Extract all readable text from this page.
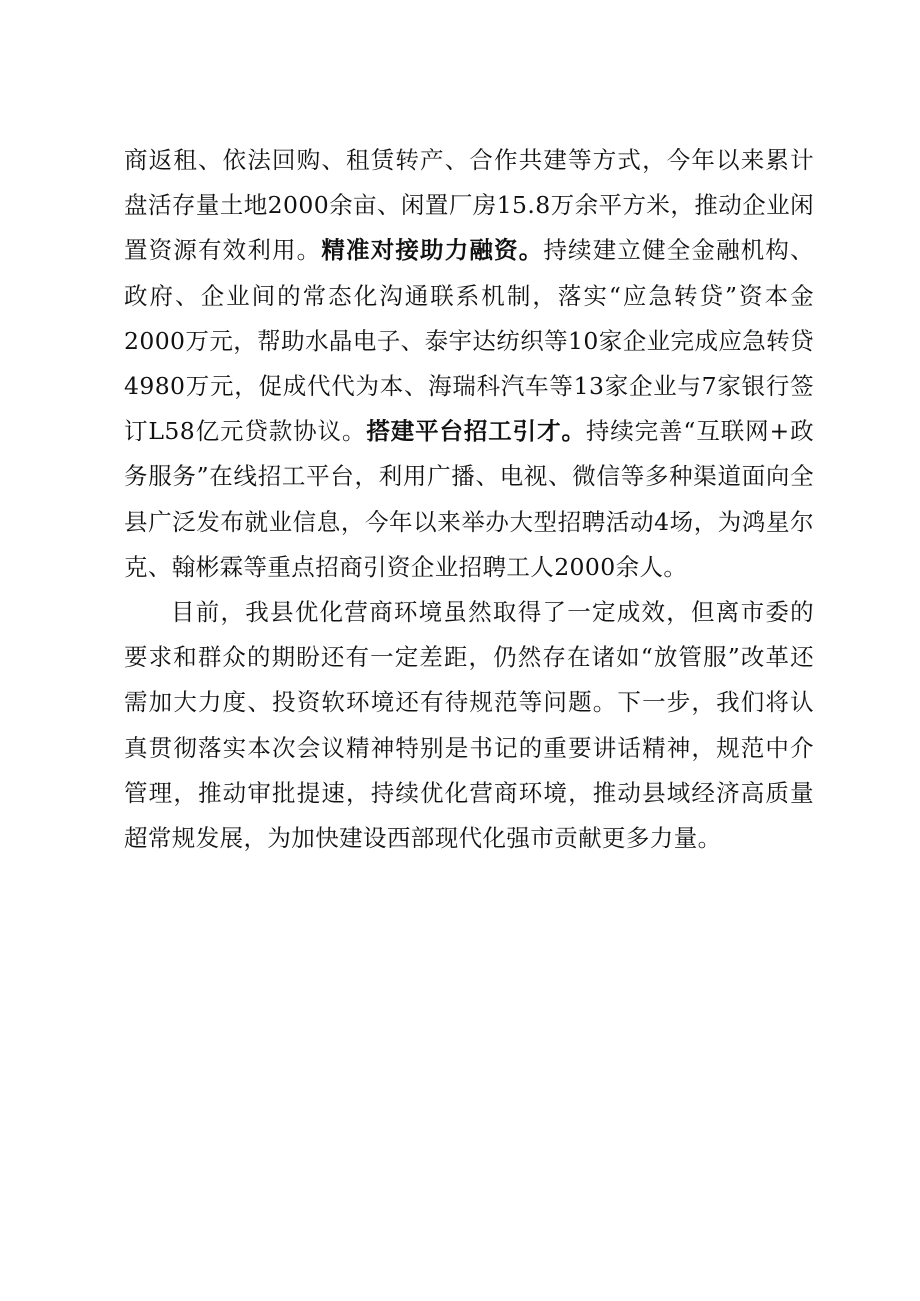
商返租、依法回购、租赁转产、合作共建等方式，今年以来累计盘活存量土地2000余亩、闲置厂房15.8万余平方米，推动企业闲置资源有效利用。精准对接助力融资。持续建立健全金融机构、政府、企业间的常态化沟通联系机制，落实“应急转贷”资本金2000万元，帮助水晶电子、泰宇达纺织等10家企业完成应急转贷4980万元，促成代代为本、海瑞科汽车等13家企业与7家银行签订L58亿元贷款协议。搭建平台招工引才。持续完善“互联网+政务服务”在线招工平台，利用广播、电视、微信等多种渠道面向全县广泛发布就业信息，今年以来举办大型招聘活动4场，为鸿星尔克、翰彬霖等重点招商引资企业招聘工人2000余人。

目前，我县优化营商环境虽然取得了一定成效，但离市委的要求和群众的期盼还有一定差距，仍然存在诸如“放管服”改革还需加大力度、投资软环境还有待规范等问题。下一步，我们将认真贯彻落实本次会议精神特别是书记的重要讲话精神，规范中介管理，推动审批提速，持续优化营商环境，推动县域经济高质量超常规发展，为加快建设西部现代化强市贡献更多力量。
